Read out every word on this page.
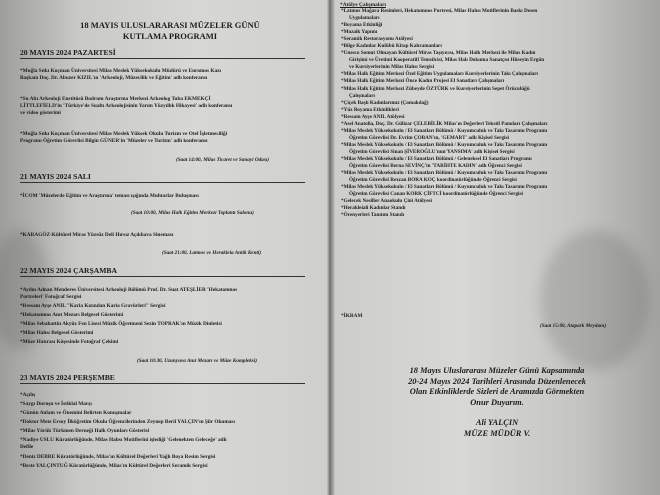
18 MAYIS ULUSLARARASI MÜZELER GÜNÜ
KUTLAMA PROGRAMI
20 MAYIS 2024 PAZARTESİ
*Muğla Sıtkı Koçman Üniversitesi Milas Meslek Yüksekokulu Müdürü ve Euromos Kazı
Başkanı Doç. Dr. Abuzer KIZIL'ın 'Arkeoloji, Müzecilik ve Eğitim' adlı konferansı
*Su Altı Arkeoloji Enstitüsü Bodrum Araştırma Merkezi Arkeolog Tuba EKMEKÇİ
LİTTLEFİELD'in 'Türkiye'de Sualtı Arkeolojisinin Yarım Yüzyıllık Hikayesi' adlı konferansı
ve video gösterimi
*Muğla Sıtkı Koçman Üniversitesi Milas Meslek Yüksek Okulu Turizm ve Otel İşletmeciliği
Programı Öğretim Görevlisi Bilgin GÜNER'in 'Müzeler ve Turizm' adlı konferansı
(Saat 14:00, Milas Ticaret ve Sanayi Odası)
21 MAYIS 2024 SALI
*İCOM 'Müzelerde Eğitim ve Araştırma' teması ışığında Muhtarlar Buluşması
(Saat 10:00, Milas Halk Eğitim Merkezi Toplantı Salonu)
*KARAGÖZ-Kültürel Miras Yüzsüz Deli Hırsız Açıkhava Sineması
(Saat 21:00, Latmos ve Herakleia Antik Kenti)
22 MAYIS 2024 ÇARŞAMBA
*Aydın Adnan Menderes Üniversitesi Arkeoloji Bölümü Prof. Dr. Suat ATEŞLİER 'Hekatomnos
Portreleri' Fotoğraf Sergisi
*Ressam Ayşe ANIL "Karia Kızından Karia Gravürleri" Sergisi
*Hekatomnos Anıt Mezarı Belgesel Gösterimi
*Milas Sebahattin Akyüz Fen Lisesi Müzik Öğretmeni Sezin TOPRAK'ın Müzik Dinletisi
*Milas Halısı Belgesel Gösterimi
*Müze Hatırası Köşesinde Fotoğraf Çekimi
(Saat 10:30, Uzunyuva Anıt Mezarı ve Müze Kompleksi)
23 MAYIS 2024 PERŞEMBE
*Açılış
*Saygı Duruşu ve İstiklal Marşı
*Günün Anlam ve Önemini Belirten Konuşmalar
*Doktor Mete Ersoy İlköğretim Okulu Öğrencilerinden Zeynep Beril YALÇIN'ın Şiir Okuması
*Milas Yörük Türkmen Derneği Halk Oyunları Gösterisi
*Nadiye USLU Küratörlüğünde, Milas Halısı Motiflerini işlediği 'Gelenekten Geleceğe' adlı
Defile
*Deniz DEBRE Küratörlüğünde, Milas'ın Kültürel Değerleri Yağlı Boya Resim Sergisi
*Beste YALÇINTUĞ Küratörlüğünde, Milas'ın Kültürel Değerleri Seramik Sergisi
*Atölye Çalışmaları
*Latmos Mağara Resimleri, Hekatomnos Portresi, Milas Halısı Motiflerinin Baskı Desen
Uygulamaları
*Boyama Etkinliği
*Mozaik Yapımı
*Seramik Restorasyonu Atölyesi
*Bilge Kadınlar Kulübü Kitap Kahramanları
*Unesco Somut Olmayan Kültürel Miras Taşıyıcısı, Milas Halk Merkezi ile Milas Kadın
Girişimi ve Üretimi Kooperatifi Temsilcisi, Milas Halı Dokuma Sanatçısı Hüseyin Ergün
ve Kursiyerlerinin Milas Halısı Sergisi
*Milas Halk Eğitim Merkezi Özel Eğitim Uygulamaları Kursiyerlerinin Takı Çalışmaları
*Milas Halk Eğitim Merkezi Önce Kadın Projesi El Sanatları Çalışmaları
*Milas Halk Eğitim Merkezi Zübeyde ÖZTÜRK ve Kursiyerlerinin Sepet Örüculüğü
Çalışmaları
*Çiçek Başlı Kadınlarımız (Çomakdağ)
*Yüz Boyama Etkinlikleri
*Ressam Ayşe ANIL Atölyesi
*Asel Anatolia, Doç. Dr. Gülizar ÇELEBİLİK Milas'ın Değerleri Tekstil Panoları Çalışmaları
*Milas Meslek Yüksekokulu / El Sanatları Bölümü / Kuyumculuk ve Takı Tasarımı Programı
Öğretim Görevlisi Dr. Evrim ÇOBAN'ın, 'GEMART' adlı Kişisel Sergisi
*Milas Meslek Yüksekokulu / El Sanatları Bölümü / Kuyumculuk ve Takı Tasarımı Programı
Öğretim Görevlisi Sinan ŞİVEROĞLU'nun'YANSIMA' adlı Kişisel Sergisi
*Milas Meslek Yüksekokulu / El Sanatları Bölümü / Geleneksel El Sanatları Programı
Öğretim Görevlisi Berna SEVİNÇ'in 'TARİHTE KADIN' adlı Öğrenci Sergisi
*Milas Meslek Yüksekokulu / El Sanatları Bölümü / Kuyumculuk ve Takı Tasarımı Programı
Öğretim Görevlisi Rezzan BORA KOÇ koordinatörlüğünde Öğrenci Sergisi
*Milas Meslek Yüksekokulu / El Sanatları Bölümü / Kuyumculuk ve Takı Tasarımı Programı
Öğretim Görevlisi Canan KORK ÇİFTCİ koordinatörlüğünde Öğrenci Sergisi
*Gelecek Nesiller Anaokulu Çini Atölyesi
*Herakleiali Kadınlar Standı
*Örenyerleri Tanıtım Standı
*İKRAM
(Saat 15:00, Atapark Meydanı)
18 Mayıs Uluslararası Müzeler Günü Kapsamında
20-24 Mayıs 2024 Tarihleri Arasında Düzenlenecek
Olan Etkinliklerde Sizleri de Aramızda Görmekten
Onur Duyarım.
Ali YALÇIN
MÜZE MÜDÜR V.
